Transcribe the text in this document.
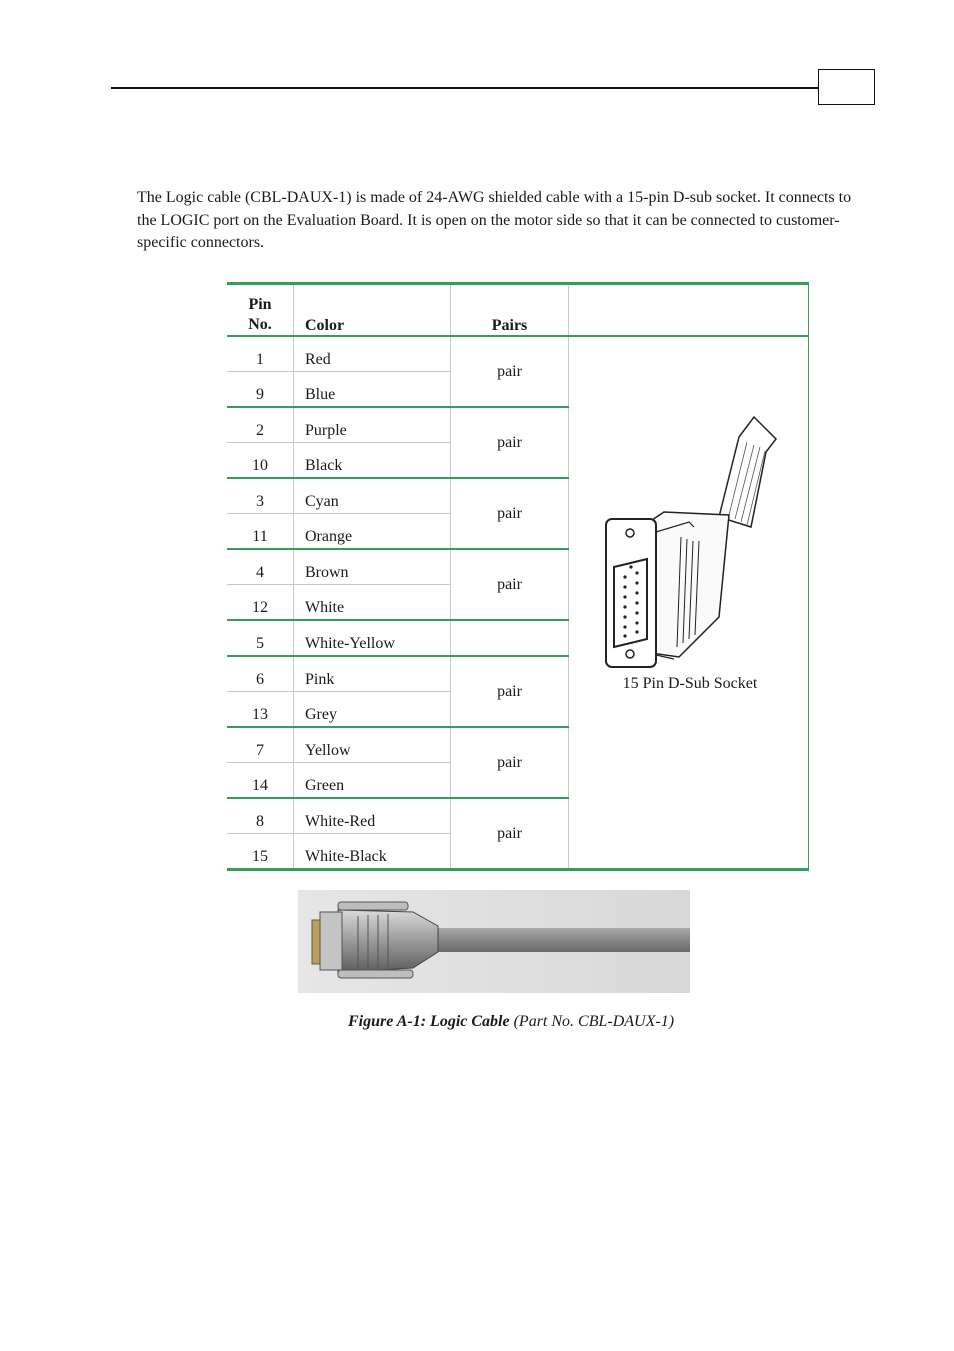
The Logic cable (CBL-DAUX-1) is made of 24-AWG shielded cable with a 15-pin D-sub socket. It connects to the LOGIC port on the Evaluation Board. It is open on the motor side so that it can be connected to customer-specific connectors.

Pin
No.	Color	Pairs	
1	Red	pair	15 Pin D-Sub Socket

9	Blue		
2	Purple	pair	
10	Black		
3	Cyan	pair	
11	Orange		
4	Brown	pair	
12	White		
5	White-Yellow		
6	Pink	pair	
13	Grey		
7	Yellow	pair	
14	Green		
8	White-Red	pair	
15	White-Black		
Figure A-1: Logic Cable (Part No. CBL-DAUX-1)
